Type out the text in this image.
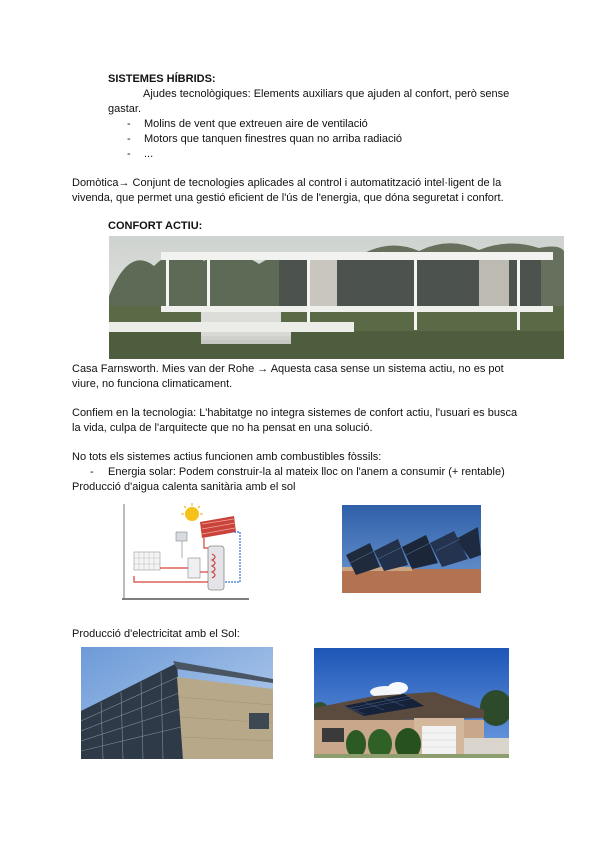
SISTEMES HÍBRIDS:
Ajudes tecnològiques: Elements auxiliars que ajuden al confort, però sense
gastar.
- Molins de vent que extreuen aire de ventilació
- Motors que tanquen finestres quan no arriba radiació
- ...
Domòtica→ Conjunt de tecnologies aplicades al control i automatització intel·ligent de la
vivenda, que permet una gestió eficient de l'ús de l'energia, que dóna seguretat i confort.
CONFORT ACTIU:
Casa Farnsworth. Mies van der Rohe → Aquesta casa sense un sistema actiu, no es pot
viure, no funciona climaticament.
Confiem en la tecnologia: L'habitatge no integra sistemes de confort actiu, l'usuari es busca
la vida, culpa de l'arquitecte que no ha pensat en una solució.
No tots els sistemes actius funcionen amb combustibles fòssils:
- Energia solar: Podem construir-la al mateix lloc on l'anem a consumir (+ rentable)
Producció d'aigua calenta sanitària amb el sol
Producció d'electricitat amb el Sol:
